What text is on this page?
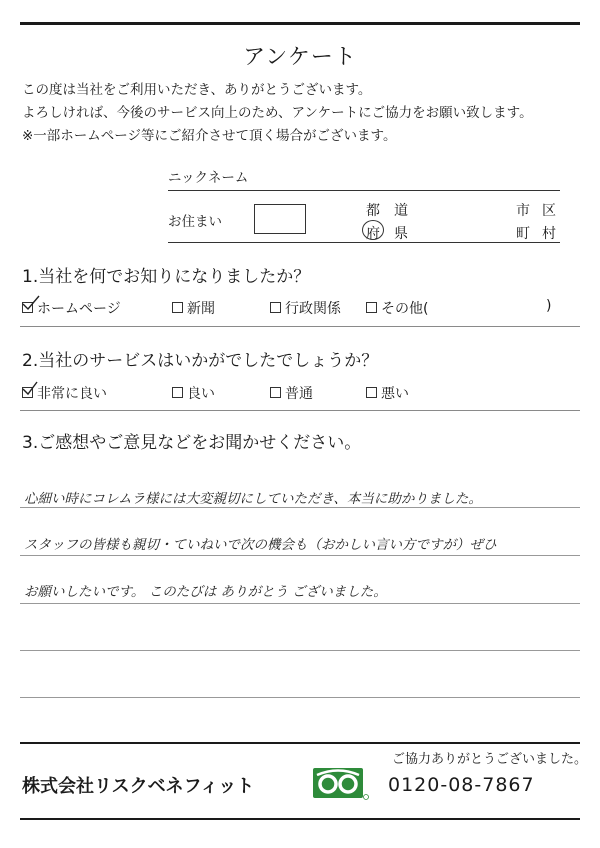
アンケート
この度は当社をご利用いただき、ありがとうございます。
よろしければ、今後のサービス向上のため、アンケートにご協力をお願い致します。
※一部ホームページ等にご紹介させて頂く場合がございます。
ニックネーム
お住まい
都 道
府 県
市 区
町 村
1.当社を何でお知りになりましたか？
ホームページ	新聞	行政関係	その他(	)
2.当社のサービスはいかがでしたでしょうか？
非常に良い	良い	普通	悪い
3.ご感想やご意見などをお聞かせください。
心細い時にコレムラ様には大変親切にしていただき、本当に助かりました。
スタッフの皆様も親切・ていねいで次の機会も（おかしい言い方ですが）ぜひ
お願いしたいです。 このたびは ありがとう ございました。
ご協力ありがとうございました。
株式会社リスクベネフィット	0120-08-7867
